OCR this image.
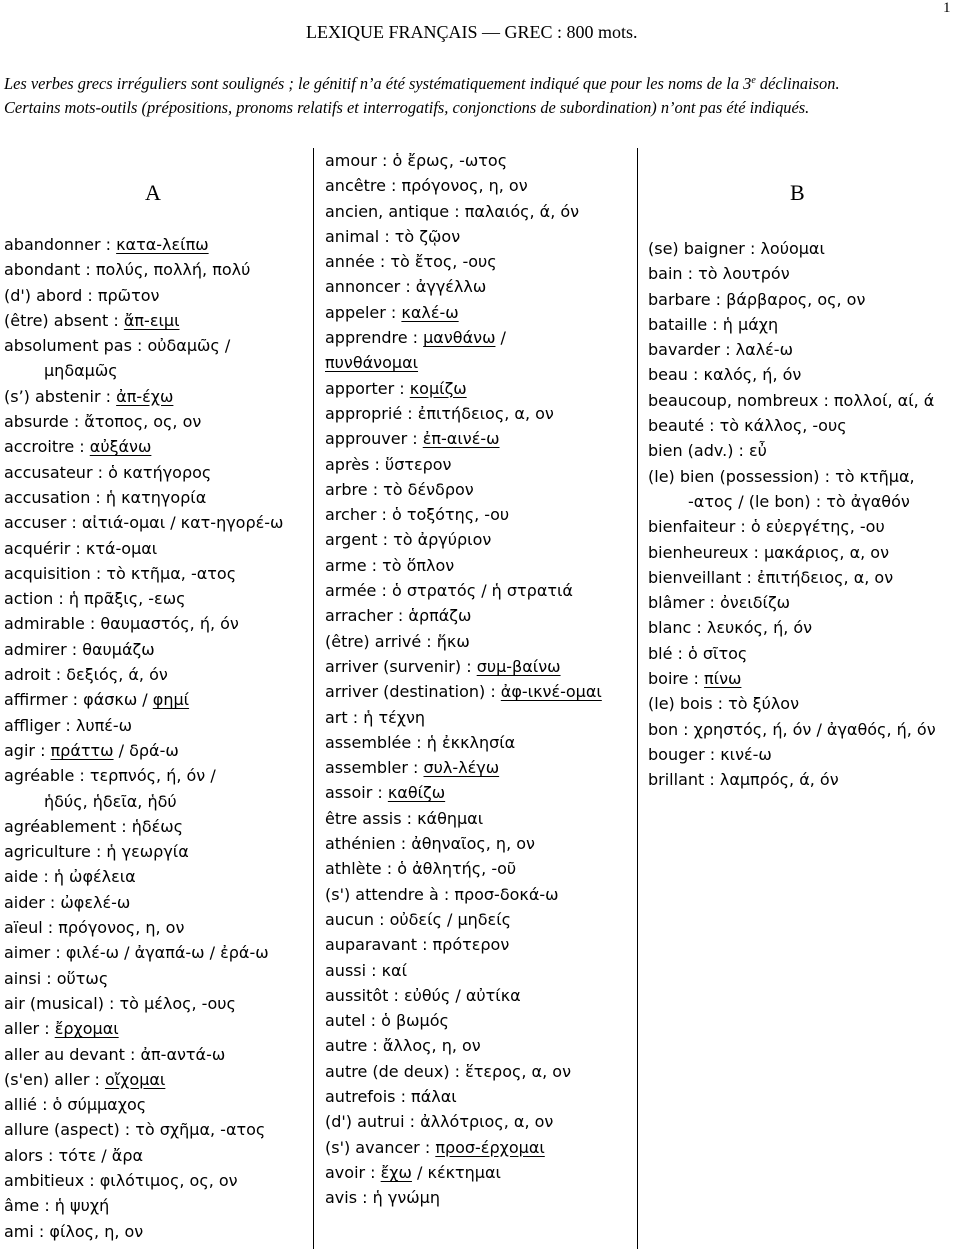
1
LEXIQUE FRANÇAIS — GREC : 800 mots.
Les verbes grecs irréguliers sont soulignés ; le génitif n’a été systématiquement indiqué que pour les noms de la 3e déclinaison.
Certains mots-outils (prépositions, pronoms relatifs et interrogatifs, conjonctions de subordination) n’ont pas été indiqués.
A	B
abandonner : κατα-λείπω
abondant : πολύς, πολλή, πολύ
(d') abord : πρῶτον
(être) absent : ἄπ-ειμι
absolument pas : οὐδαμῶς /
μηδαμῶς
(s’) abstenir : ἀπ-έχω
absurde : ἄτοπος, ος, ον
accroitre : αὐξάνω
accusateur : ὁ κατήγορος
accusation : ἡ κατηγορία
accuser : αἰτιά-ομαι / κατ-ηγορέ-ω
acquérir : κτά-ομαι
acquisition : τὸ κτῆμα, -ατος
action : ἡ πρᾶξις, -εως
admirable : θαυμαστός, ή, όν
admirer : θαυμάζω
adroit : δεξιός, ά, όν
affirmer : φάσκω / φημί
affliger : λυπέ-ω
agir : πράττω / δρά-ω
agréable : τερπνός, ή, όν /
ἡδύς, ἡδεῖα, ἡδύ
agréablement : ἡδέως
agriculture : ἡ γεωργία
aide : ἡ ὠφέλεια
aider : ὠφελέ-ω
aïeul : πρόγονος, η, ον
aimer : φιλέ-ω / ἀγαπά-ω / ἐρά-ω
ainsi : οὕτως
air (musical) : τὸ μέλος, -ους
aller : ἔρχομαι
aller au devant : ἀπ-αντά-ω
(s'en) aller : οἴχομαι
allié : ὁ σύμμαχος
allure (aspect) : τὸ σχῆμα, -ατος
alors : τότε / ἄρα
ambitieux : φιλότιμος, ος, ον
âme : ἡ ψυχή
ami : φίλος, η, ον
amour : ὁ ἔρως, -ωτος
ancêtre : πρόγονος, η, ον
ancien, antique : παλαιός, ά, όν
animal : τὸ ζῷον
année : τὸ ἔτος, -ους
annoncer : ἀγγέλλω
appeler : καλέ-ω
apprendre : μανθάνω /
πυνθάνομαι
apporter : κομίζω
approprié : ἐπιτήδειος, α, ον
approuver : ἐπ-αινέ-ω
après : ὕστερον
arbre : τὸ δένδρον
archer : ὁ τοξότης, -ου
argent : τὸ ἀργύριον
arme : τὸ ὅπλον
armée : ὁ στρατός / ἡ στρατιά
arracher : ἁρπάζω
(être) arrivé : ἥκω
arriver (survenir) : συμ-βαίνω
arriver (destination) : ἀφ-ικνέ-ομαι
art : ἡ τέχνη
assemblée : ἡ ἐκκλησία
assembler : συλ-λέγω
assoir : καθίζω
être assis : κάθημαι
athénien : ἀθηναῖος, η, ον
athlète : ὁ ἀθλητής, -οῦ
(s') attendre à : προσ-δοκά-ω
aucun : οὐδείς / μηδείς
auparavant : πρότερον
aussi : καί
aussitôt : εὐθύς / αὐτίκα
autel : ὁ βωμός
autre : ἄλλος, η, ον
autre (de deux) : ἕτερος, α, ον
autrefois : πάλαι
(d') autrui : ἀλλότριος, α, ον
(s') avancer : προσ-έρχομαι
avoir : ἔχω / κέκτημαι
avis : ἡ γνώμη
(se) baigner : λούομαι
bain : τὸ λουτρόν
barbare : βάρβαρος, ος, ον
bataille : ἡ μάχη
bavarder : λαλέ-ω
beau : καλός, ή, όν
beaucoup, nombreux : πολλοί, αί, ά
beauté : τὸ κάλλος, -ους
bien (adv.) : εὖ
(le) bien (possession) : τὸ κτῆμα,
-ατος / (le bon) : τὸ ἀγαθόν
bienfaiteur : ὁ εὐεργέτης, -ου
bienheureux : μακάριος, α, ον
bienveillant : ἐπιτήδειος, α, ον
blâmer : ὀνειδίζω
blanc : λευκός, ή, όν
blé : ὁ σῖτος
boire : πίνω
(le) bois : τὸ ξύλον
bon : χρηστός, ή, όν / ἀγαθός, ή, όν
bouger : κινέ-ω
brillant : λαμπρός, ά, όν
